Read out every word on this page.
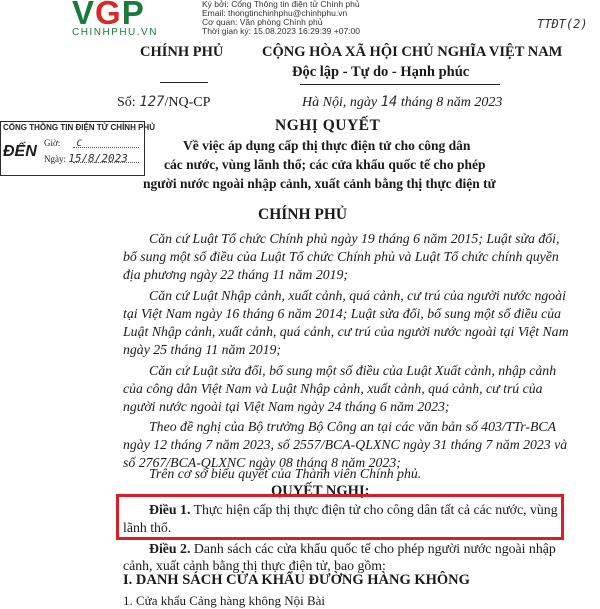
VGP
CHINHPHU.VN
Ký bởi: Cổng Thông tin điện tử Chính phủ
Email: thongtinchinhphu@chinhphu.vn
Cơ quan: Văn phòng Chính phủ
Thời gian ký: 15.08.2023 16:29:39 +07:00	TTĐT(2)
CHÍNH PHỦ	CỘNG HÒA XÃ HỘI CHỦ NGHĨA VIỆT NAM
Độc lập - Tự do - Hạnh phúc
Số: 127/NQ-CP	Hà Nội, ngày 14 tháng 8 năm 2023
CỔNG THÔNG TIN ĐIỆN TỬ CHÍNH PHỦ
ĐẾN Giờ: C
Ngày: 15/8/2023
NGHỊ QUYẾT
Về việc áp dụng cấp thị thực điện tử cho công dân
các nước, vùng lãnh thổ; các cửa khẩu quốc tế cho phép
người nước ngoài nhập cảnh, xuất cảnh bằng thị thực điện tử
CHÍNH PHỦ
Căn cứ Luật Tổ chức Chính phủ ngày 19 tháng 6 năm 2015; Luật sửa đổi,
bổ sung một số điều của Luật Tổ chức Chính phủ và Luật Tổ chức chính quyền
địa phương ngày 22 tháng 11 năm 2019;
Căn cứ Luật Nhập cảnh, xuất cảnh, quá cảnh, cư trú của người nước ngoài
tại Việt Nam ngày 16 tháng 6 năm 2014; Luật sửa đổi, bổ sung một số điều của
Luật Nhập cảnh, xuất cảnh, quá cảnh, cư trú của người nước ngoài tại Việt Nam
ngày 25 tháng 11 năm 2019;
Căn cứ Luật sửa đổi, bổ sung một số điều của Luật Xuất cảnh, nhập cảnh
của công dân Việt Nam và Luật Nhập cảnh, xuất cảnh, quá cảnh, cư trú của
người nước ngoài tại Việt Nam ngày 24 tháng 6 năm 2023;
Theo đề nghị của Bộ trưởng Bộ Công an tại các văn bản số 403/TTr-BCA
ngày 12 tháng 7 năm 2023, số 2557/BCA-QLXNC ngày 31 tháng 7 năm 2023 và
số 2767/BCA-QLXNC ngày 08 tháng 8 năm 2023;
Trên cơ sở biểu quyết của Thành viên Chính phủ.
QUYẾT NGHỊ:
Điều 1. Thực hiện cấp thị thực điện tử cho công dân tất cả các nước, vùng
lãnh thổ.
Điều 2. Danh sách các cửa khẩu quốc tế cho phép người nước ngoài nhập
cảnh, xuất cảnh bằng thị thực điện tử, bao gồm:
I. DANH SÁCH CỬA KHẨU ĐƯỜNG HÀNG KHÔNG
1. Cửa khẩu Cảng hàng không Nội Bài
